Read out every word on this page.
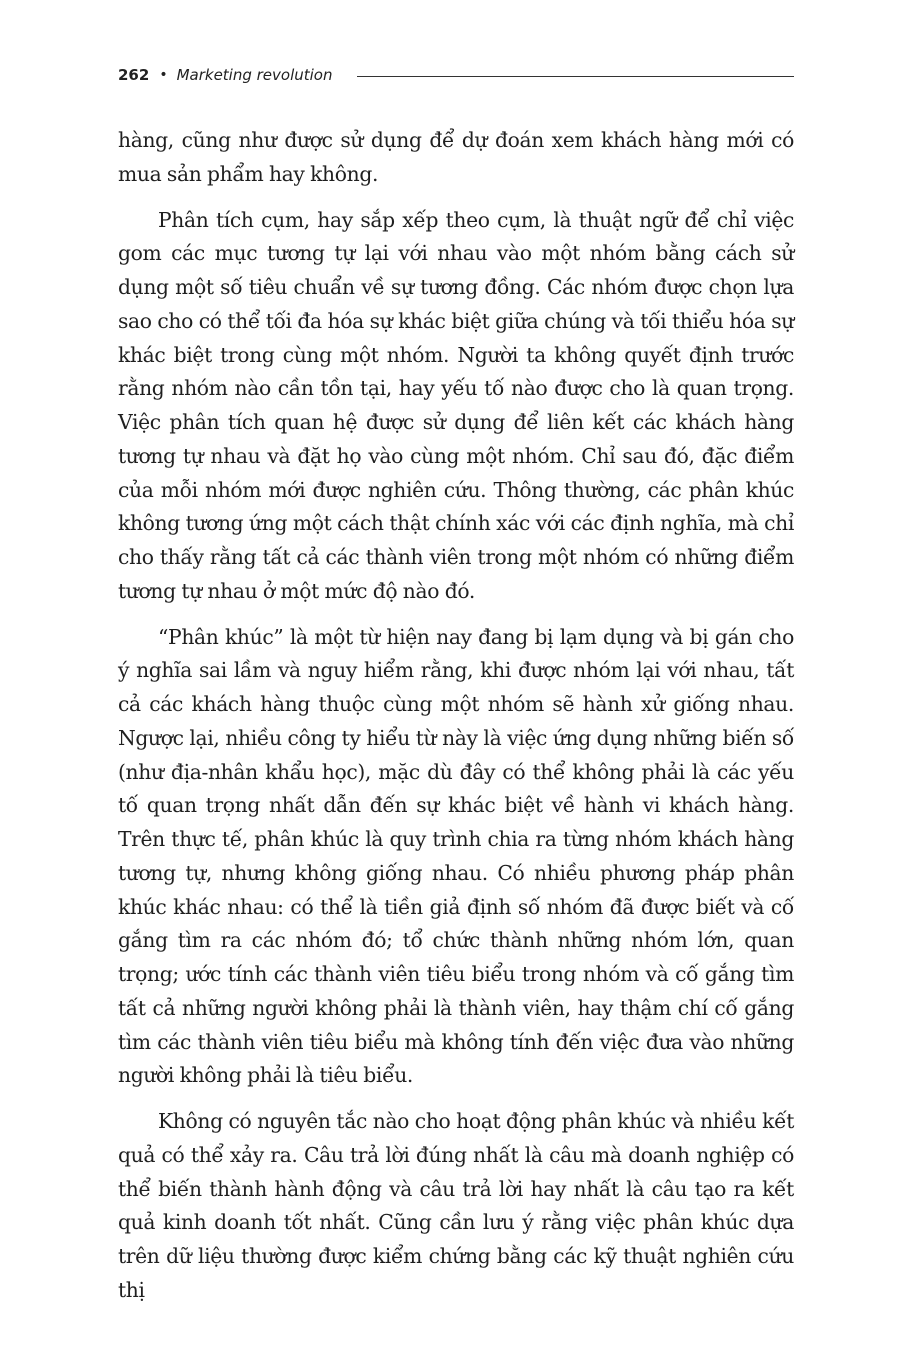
262 • Marketing revolution

hàng, cũng như được sử dụng để dự đoán xem khách hàng mới có mua sản phẩm hay không.

Phân tích cụm, hay sắp xếp theo cụm, là thuật ngữ để chỉ việc gom các mục tương tự lại với nhau vào một nhóm bằng cách sử dụng một số tiêu chuẩn về sự tương đồng. Các nhóm được chọn lựa sao cho có thể tối đa hóa sự khác biệt giữa chúng và tối thiểu hóa sự khác biệt trong cùng một nhóm. Người ta không quyết định trước rằng nhóm nào cần tồn tại, hay yếu tố nào được cho là quan trọng. Việc phân tích quan hệ được sử dụng để liên kết các khách hàng tương tự nhau và đặt họ vào cùng một nhóm. Chỉ sau đó, đặc điểm của mỗi nhóm mới được nghiên cứu. Thông thường, các phân khúc không tương ứng một cách thật chính xác với các định nghĩa, mà chỉ cho thấy rằng tất cả các thành viên trong một nhóm có những điểm tương tự nhau ở một mức độ nào đó.

“Phân khúc” là một từ hiện nay đang bị lạm dụng và bị gán cho ý nghĩa sai lầm và nguy hiểm rằng, khi được nhóm lại với nhau, tất cả các khách hàng thuộc cùng một nhóm sẽ hành xử giống nhau. Ngược lại, nhiều công ty hiểu từ này là việc ứng dụng những biến số (như địa-nhân khẩu học), mặc dù đây có thể không phải là các yếu tố quan trọng nhất dẫn đến sự khác biệt về hành vi khách hàng. Trên thực tế, phân khúc là quy trình chia ra từng nhóm khách hàng tương tự, nhưng không giống nhau. Có nhiều phương pháp phân khúc khác nhau: có thể là tiền giả định số nhóm đã được biết và cố gắng tìm ra các nhóm đó; tổ chức thành những nhóm lớn, quan trọng; ước tính các thành viên tiêu biểu trong nhóm và cố gắng tìm tất cả những người không phải là thành viên, hay thậm chí cố gắng tìm các thành viên tiêu biểu mà không tính đến việc đưa vào những người không phải là tiêu biểu.

Không có nguyên tắc nào cho hoạt động phân khúc và nhiều kết quả có thể xảy ra. Câu trả lời đúng nhất là câu mà doanh nghiệp có thể biến thành hành động và câu trả lời hay nhất là câu tạo ra kết quả kinh doanh tốt nhất. Cũng cần lưu ý rằng việc phân khúc dựa trên dữ liệu thường được kiểm chứng bằng các kỹ thuật nghiên cứu thị
